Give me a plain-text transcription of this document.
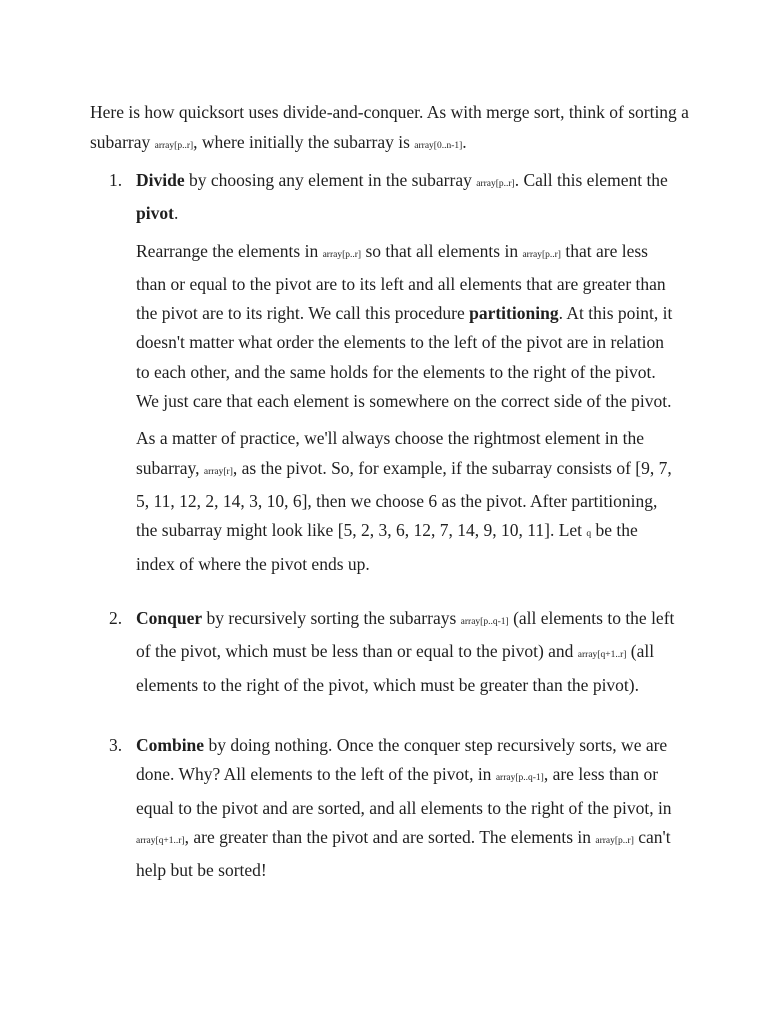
Here is how quicksort uses divide-and-conquer. As with merge sort, think of sorting a subarray array[p..r], where initially the subarray is array[0..n-1].

1. Divide by choosing any element in the subarray array[p..r]. Call this element the pivot.

Rearrange the elements in array[p..r] so that all elements in array[p..r] that are less than or equal to the pivot are to its left and all elements that are greater than the pivot are to its right. We call this procedure partitioning. At this point, it doesn't matter what order the elements to the left of the pivot are in relation to each other, and the same holds for the elements to the right of the pivot. We just care that each element is somewhere on the correct side of the pivot.

As a matter of practice, we'll always choose the rightmost element in the subarray, array[r], as the pivot. So, for example, if the subarray consists of [9, 7, 5, 11, 12, 2, 14, 3, 10, 6], then we choose 6 as the pivot. After partitioning, the subarray might look like [5, 2, 3, 6, 12, 7, 14, 9, 10, 11]. Let q be the index of where the pivot ends up.

2. Conquer by recursively sorting the subarrays array[p..q-1] (all elements to the left of the pivot, which must be less than or equal to the pivot) and array[q+1..r] (all elements to the right of the pivot, which must be greater than the pivot).

3. Combine by doing nothing. Once the conquer step recursively sorts, we are done. Why? All elements to the left of the pivot, in array[p..q-1], are less than or equal to the pivot and are sorted, and all elements to the right of the pivot, in array[q+1..r], are greater than the pivot and are sorted. The elements in array[p..r] can't help but be sorted!
